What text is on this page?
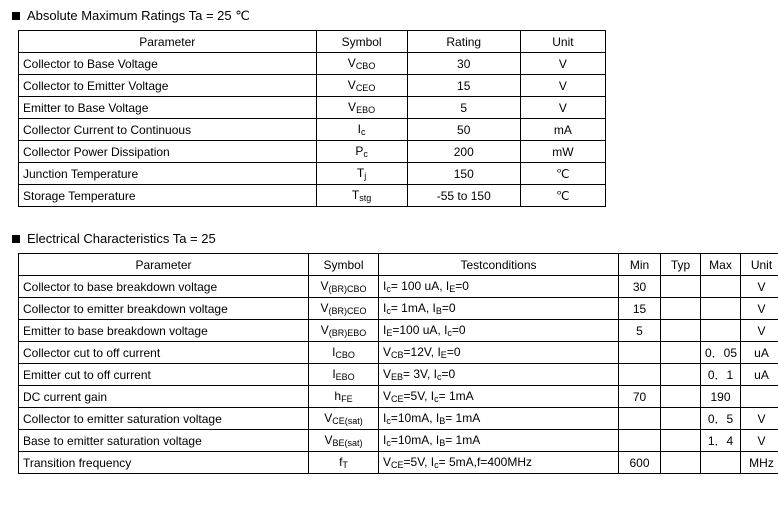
Absolute Maximum Ratings Ta = 25 ℃
Parameter	Symbol	Rating	Unit
Collector to Base Voltage	VCBO	30	V
Collector to Emitter Voltage	VCEO	15	V
Emitter to Base Voltage	VEBO	5	V
Collector Current to Continuous	Ic	50	mA
Collector Power Dissipation	Pc	200	mW
Junction Temperature	Tj	150	℃
Storage Temperature	Tstg	-55 to 150	℃
Electrical Characteristics Ta = 25
Parameter	Symbol	Testconditions	Min	Typ	Max	Unit
Collector to base breakdown voltage	V(BR)CBO	Ic= 100 uA, IE=0	30			V
Collector to emitter breakdown voltage	V(BR)CEO	Ic= 1mA, IB=0	15			V
Emitter to base breakdown voltage	V(BR)EBO	IE=100 uA, Ic=0	5			V
Collector cut to off current	ICBO	VCB=12V, IE=0			0．05	uA
Emitter cut to off current	IEBO	VEB= 3V, Ic=0			0．1	uA
DC current gain	hFE	VCE=5V, Ic= 1mA	70		190	
Collector to emitter saturation voltage	VCE(sat)	Ic=10mA, IB= 1mA			0．5	V
Base to emitter saturation voltage	VBE(sat)	Ic=10mA, IB= 1mA			1．4	V
Transition frequency	fT	VCE=5V, Ic= 5mA,f=400MHz	600			MHz
